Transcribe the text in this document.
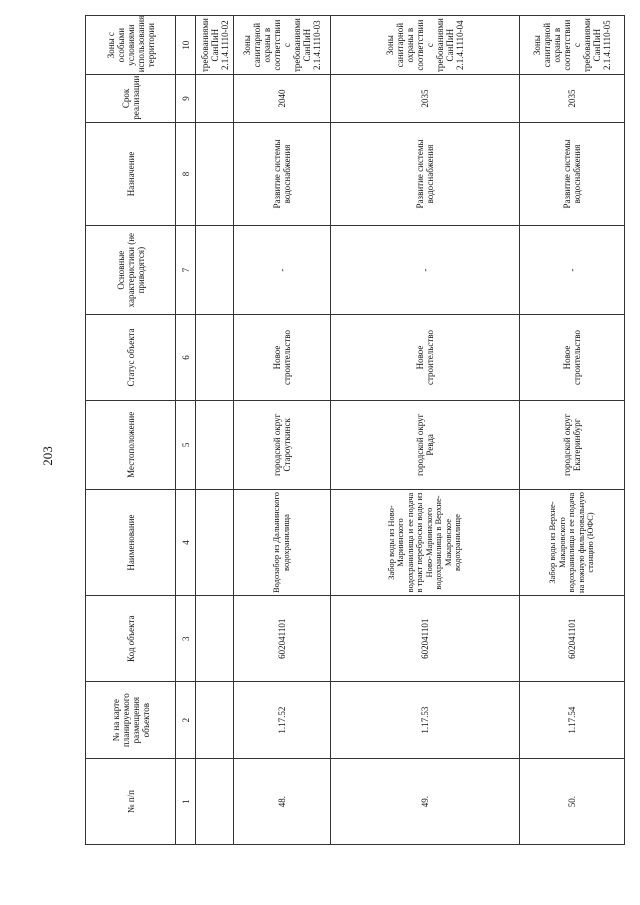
203
№ п/п	№ на карте планируемого размещения объектов	Код объекта	Наименование	Местоположение	Статус объекта	Основные характеристики (не приводятся)	Назначение	Срок реализации	Зоны с особыми условиями использования территории
1	2	3	4	5	6	7	8	9	10
									требованиями СанПиН 2.1.4.1110-02
48.	1.17.52	602041101	Водозабор из Дальнинского водохранилища	городской округ Староуткинск	Новое строительство	-	Развитие системы водоснабжения	2040	Зоны санитарной охраны в соответствии с требованиями СанПиН 2.1.4.1110-03
49.	1.17.53	602041101	Забор воды из Ново-Мариинского водохранилища и ее подача в тракт переброски воды из Ново-Мариинского водохранилища в Верхне-Макаровское водохранилище	городской округ Ревда	Новое строительство	-	Развитие системы водоснабжения	2035	Зоны санитарной охраны в соответствии с требованиями СанПиН 2.1.4.1110-04
50.	1.17.54	602041101	Забор воды из Верхне-Макаровского водохранилища и ее подача на южную фильтровальную станцию (ЮФС)	городской округ Екатеринбург	Новое строительство	-	Развитие системы водоснабжения	2035	Зоны санитарной охраны в соответствии с требованиями СанПиН 2.1.4.1110-05
